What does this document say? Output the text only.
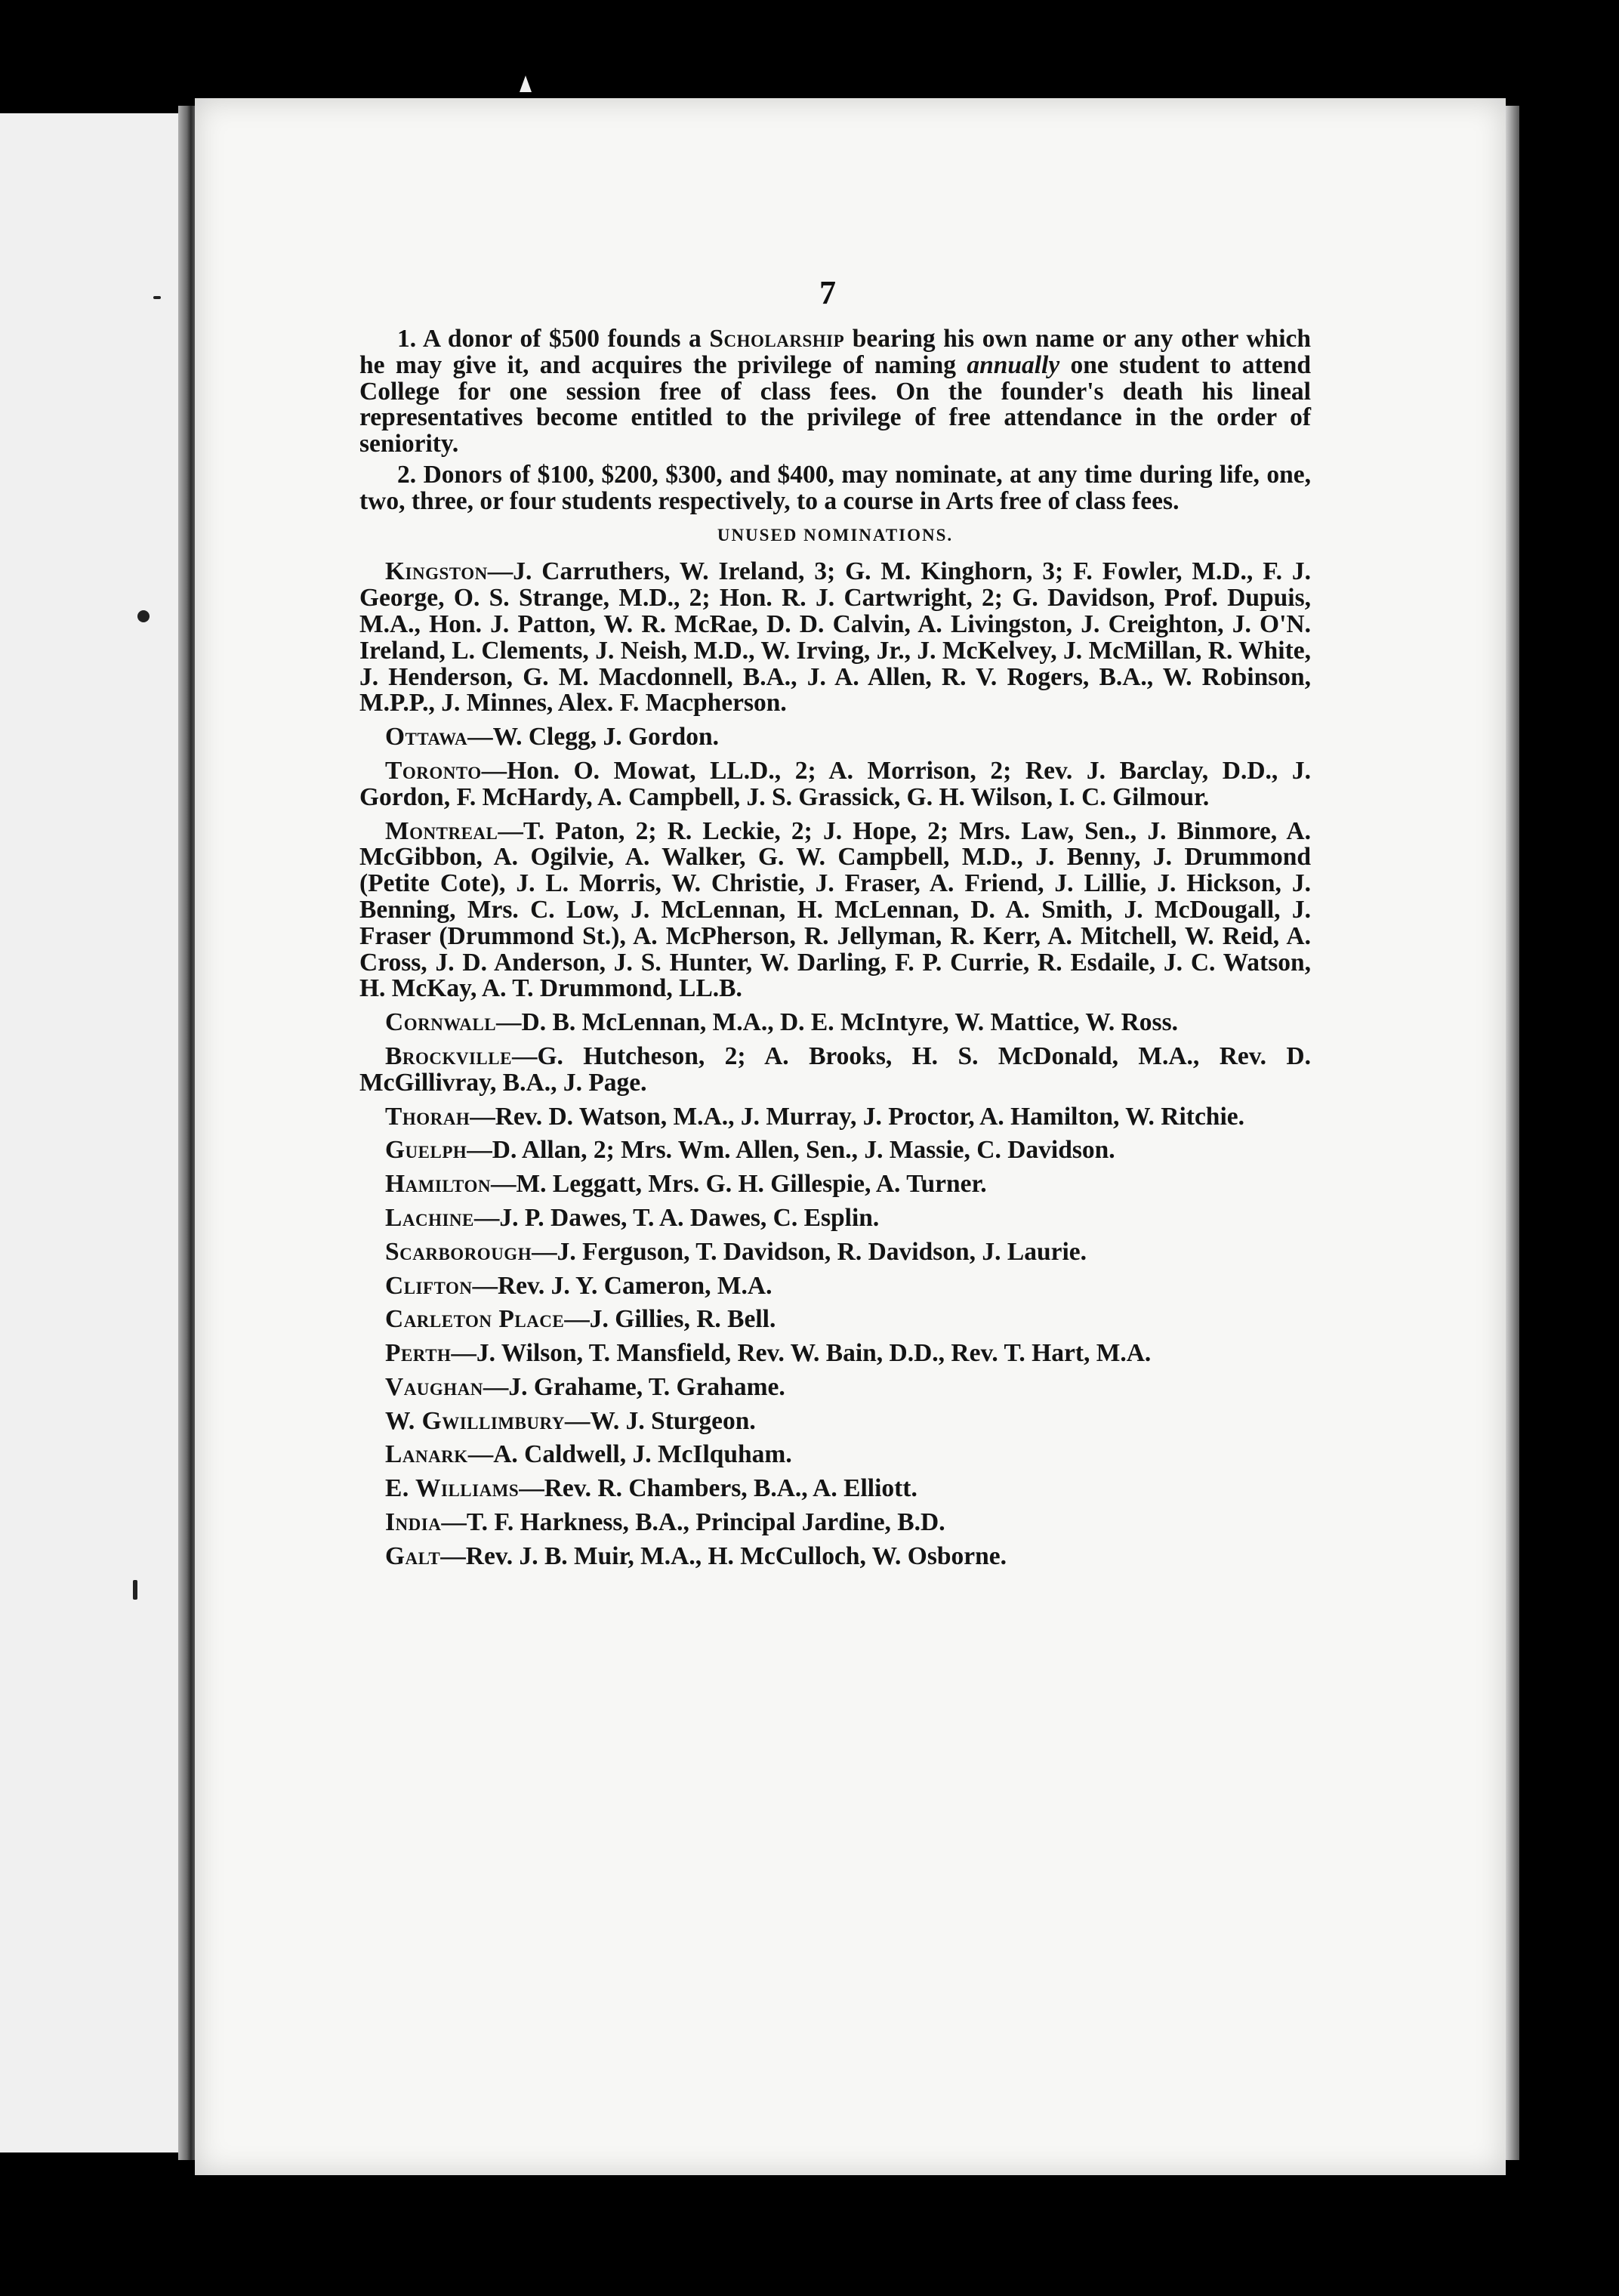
7

1. A donor of $500 founds a Scholarship bearing his own name or any other which he may give it, and acquires the privilege of naming annually one student to attend College for one session free of class fees. On the founder's death his lineal representatives become entitled to the privilege of free attendance in the order of seniority.

2. Donors of $100, $200, $300, and $400, may nominate, at any time during life, one, two, three, or four students respectively, to a course in Arts free of class fees.

UNUSED NOMINATIONS.
Kingston—J. Carruthers, W. Ireland, 3; G. M. Kinghorn, 3; F. Fowler, M.D., F. J. George, O. S. Strange, M.D., 2; Hon. R. J. Cartwright, 2; G. Davidson, Prof. Dupuis, M.A., Hon. J. Patton, W. R. McRae, D. D. Calvin, A. Livingston, J. Creighton, J. O'N. Ireland, L. Clements, J. Neish, M.D., W. Irving, Jr., J. McKelvey, J. McMillan, R. White, J. Henderson, G. M. Macdonnell, B.A., J. A. Allen, R. V. Rogers, B.A., W. Robinson, M.P.P., J. Minnes, Alex. F. Macpherson.
Ottawa—W. Clegg, J. Gordon.
Toronto—Hon. O. Mowat, LL.D., 2; A. Morrison, 2; Rev. J. Barclay, D.D., J. Gordon, F. McHardy, A. Campbell, J. S. Grassick, G. H. Wilson, I. C. Gilmour.
Montreal—T. Paton, 2; R. Leckie, 2; J. Hope, 2; Mrs. Law, Sen., J. Binmore, A. McGibbon, A. Ogilvie, A. Walker, G. W. Campbell, M.D., J. Benny, J. Drummond (Petite Cote), J. L. Morris, W. Christie, J. Fraser, A. Friend, J. Lillie, J. Hickson, J. Benning, Mrs. C. Low, J. McLennan, H. McLennan, D. A. Smith, J. McDougall, J. Fraser (Drummond St.), A. McPherson, R. Jellyman, R. Kerr, A. Mitchell, W. Reid, A. Cross, J. D. Anderson, J. S. Hunter, W. Darling, F. P. Currie, R. Esdaile, J. C. Watson, H. McKay, A. T. Drummond, LL.B.
Cornwall—D. B. McLennan, M.A., D. E. McIntyre, W. Mattice, W. Ross.
Brockville—G. Hutcheson, 2; A. Brooks, H. S. McDonald, M.A., Rev. D. McGillivray, B.A., J. Page.
Thorah—Rev. D. Watson, M.A., J. Murray, J. Proctor, A. Hamilton, W. Ritchie.
Guelph—D. Allan, 2; Mrs. Wm. Allen, Sen., J. Massie, C. Davidson.
Hamilton—M. Leggatt, Mrs. G. H. Gillespie, A. Turner.
Lachine—J. P. Dawes, T. A. Dawes, C. Esplin.
Scarborough—J. Ferguson, T. Davidson, R. Davidson, J. Laurie.
Clifton—Rev. J. Y. Cameron, M.A.
Carleton Place—J. Gillies, R. Bell.
Perth—J. Wilson, T. Mansfield, Rev. W. Bain, D.D., Rev. T. Hart, M.A.
Vaughan—J. Grahame, T. Grahame.
W. Gwillimbury—W. J. Sturgeon.
Lanark—A. Caldwell, J. McIlquham.
E. Williams—Rev. R. Chambers, B.A., A. Elliott.
India—T. F. Harkness, B.A., Principal Jardine, B.D.
Galt—Rev. J. B. Muir, M.A., H. McCulloch, W. Osborne.
